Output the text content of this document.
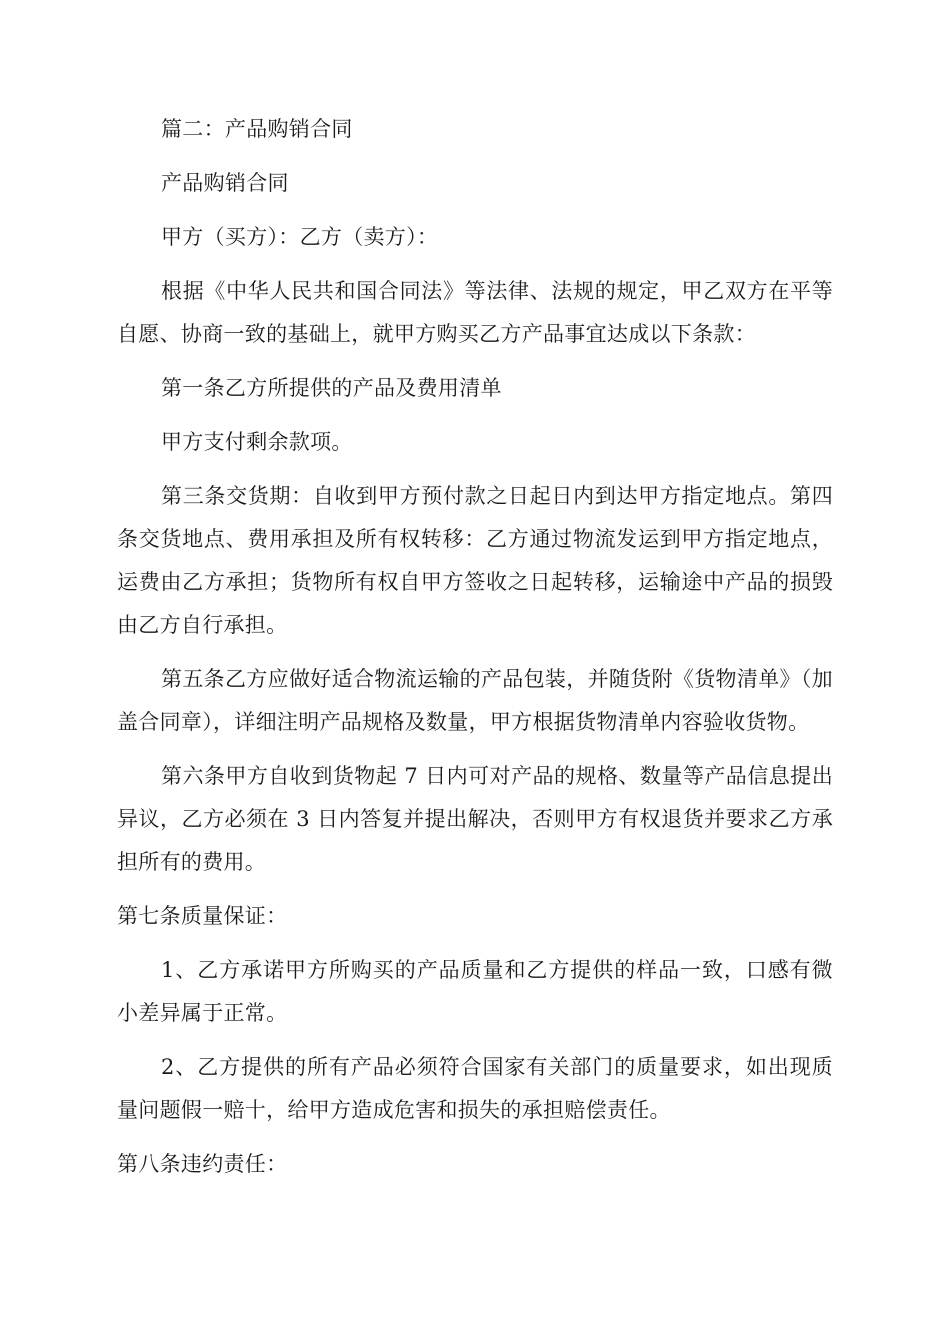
篇二：产品购销合同

产品购销合同

甲方（买方）：乙方（卖方）：

根据《中华人民共和国合同法》等法律、法规的规定，甲乙双方在平等自愿、协商一致的基础上，就甲方购买乙方产品事宜达成以下条款：

第一条乙方所提供的产品及费用清单

甲方支付剩余款项。

第三条交货期：自收到甲方预付款之日起日内到达甲方指定地点。第四条交货地点、费用承担及所有权转移：乙方通过物流发运到甲方指定地点，运费由乙方承担；货物所有权自甲方签收之日起转移，运输途中产品的损毁由乙方自行承担。

第五条乙方应做好适合物流运输的产品包装，并随货附《货物清单》（加盖合同章），详细注明产品规格及数量，甲方根据货物清单内容验收货物。

第六条甲方自收到货物起 7 日内可对产品的规格、数量等产品信息提出异议，乙方必须在 3 日内答复并提出解决，否则甲方有权退货并要求乙方承担所有的费用。

第七条质量保证：

1、乙方承诺甲方所购买的产品质量和乙方提供的样品一致，口感有微小差异属于正常。

2、乙方提供的所有产品必须符合国家有关部门的质量要求，如出现质量问题假一赔十，给甲方造成危害和损失的承担赔偿责任。

第八条违约责任：
